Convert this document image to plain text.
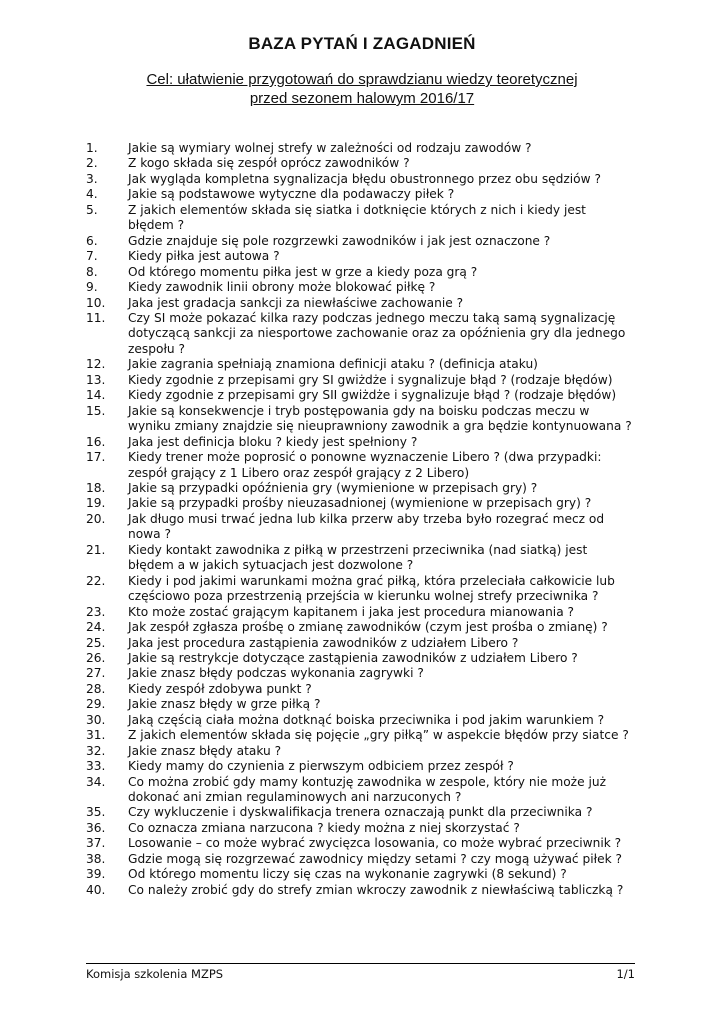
BAZA PYTAŃ I ZAGADNIEŃ
Cel: ułatwienie przygotowań do sprawdzianu wiedzy teoretycznej
przed sezonem halowym 2016/17
1.	Jakie są wymiary wolnej strefy w zależności od rodzaju zawodów ?
2.	Z kogo składa się zespół oprócz zawodników ?
3.	Jak wygląda kompletna sygnalizacja błędu obustronnego przez obu sędziów ?
4.	Jakie są podstawowe wytyczne dla podawaczy piłek ?
5.	Z jakich elementów składa się siatka i dotknięcie których z nich i kiedy jest
błędem ?
6.	Gdzie znajduje się pole rozgrzewki zawodników i jak jest oznaczone ?
7.	Kiedy piłka jest autowa ?
8.	Od którego momentu piłka jest w grze a kiedy poza grą ?
9.	Kiedy zawodnik linii obrony może blokować piłkę ?
10.	Jaka jest gradacja sankcji za niewłaściwe zachowanie ?
11.	Czy SI może pokazać kilka razy podczas jednego meczu taką samą sygnalizację
dotyczącą sankcji za niesportowe zachowanie oraz za opóźnienia gry dla jednego
zespołu ?
12.	Jakie zagrania spełniają znamiona definicji ataku ? (definicja ataku)
13.	Kiedy zgodnie z przepisami gry SI gwiżdże i sygnalizuje błąd ? (rodzaje błędów)
14.	Kiedy zgodnie z przepisami gry SII gwiżdże i sygnalizuje błąd ? (rodzaje błędów)
15.	Jakie są konsekwencje i tryb postępowania gdy na boisku podczas meczu w
wyniku zmiany znajdzie się nieuprawniony zawodnik a gra będzie kontynuowana ?
16.	Jaka jest definicja bloku ? kiedy jest spełniony ?
17.	Kiedy trener może poprosić o ponowne wyznaczenie Libero ? (dwa przypadki:
zespół grający z 1 Libero oraz zespół grający z 2 Libero)
18.	Jakie są przypadki opóźnienia gry (wymienione w przepisach gry) ?
19.	Jakie są przypadki prośby nieuzasadnionej (wymienione w przepisach gry) ?
20.	Jak długo musi trwać jedna lub kilka przerw aby trzeba było rozegrać mecz od
nowa ?
21.	Kiedy kontakt zawodnika z piłką w przestrzeni przeciwnika (nad siatką) jest
błędem a w jakich sytuacjach jest dozwolone ?
22.	Kiedy i pod jakimi warunkami można grać piłką, która przeleciała całkowicie lub
częściowo poza przestrzenią przejścia w kierunku wolnej strefy przeciwnika ?
23.	Kto może zostać grającym kapitanem i jaka jest procedura mianowania ?
24.	Jak zespół zgłasza prośbę o zmianę zawodników (czym jest prośba o zmianę) ?
25.	Jaka jest procedura zastąpienia zawodników z udziałem Libero ?
26.	Jakie są restrykcje dotyczące zastąpienia zawodników z udziałem Libero ?
27.	Jakie znasz błędy podczas wykonania zagrywki ?
28.	Kiedy zespół zdobywa punkt ?
29.	Jakie znasz błędy w grze piłką ?
30.	Jaką częścią ciała można dotknąć boiska przeciwnika i pod jakim warunkiem ?
31.	Z jakich elementów składa się pojęcie „gry piłką” w aspekcie błędów przy siatce ?
32.	Jakie znasz błędy ataku ?
33.	Kiedy mamy do czynienia z pierwszym odbiciem przez zespół ?
34.	Co można zrobić gdy mamy kontuzję zawodnika w zespole, który nie może już
dokonać ani zmian regulaminowych ani narzuconych ?
35.	Czy wykluczenie i dyskwalifikacja trenera oznaczają punkt dla przeciwnika ?
36.	Co oznacza zmiana narzucona ? kiedy można z niej skorzystać ?
37.	Losowanie – co może wybrać zwycięzca losowania, co może wybrać przeciwnik ?
38.	Gdzie mogą się rozgrzewać zawodnicy między setami ? czy mogą używać piłek ?
39.	Od którego momentu liczy się czas na wykonanie zagrywki (8 sekund) ?
40.	Co należy zrobić gdy do strefy zmian wkroczy zawodnik z niewłaściwą tabliczką ?
Komisja szkolenia MZPS	1/1
